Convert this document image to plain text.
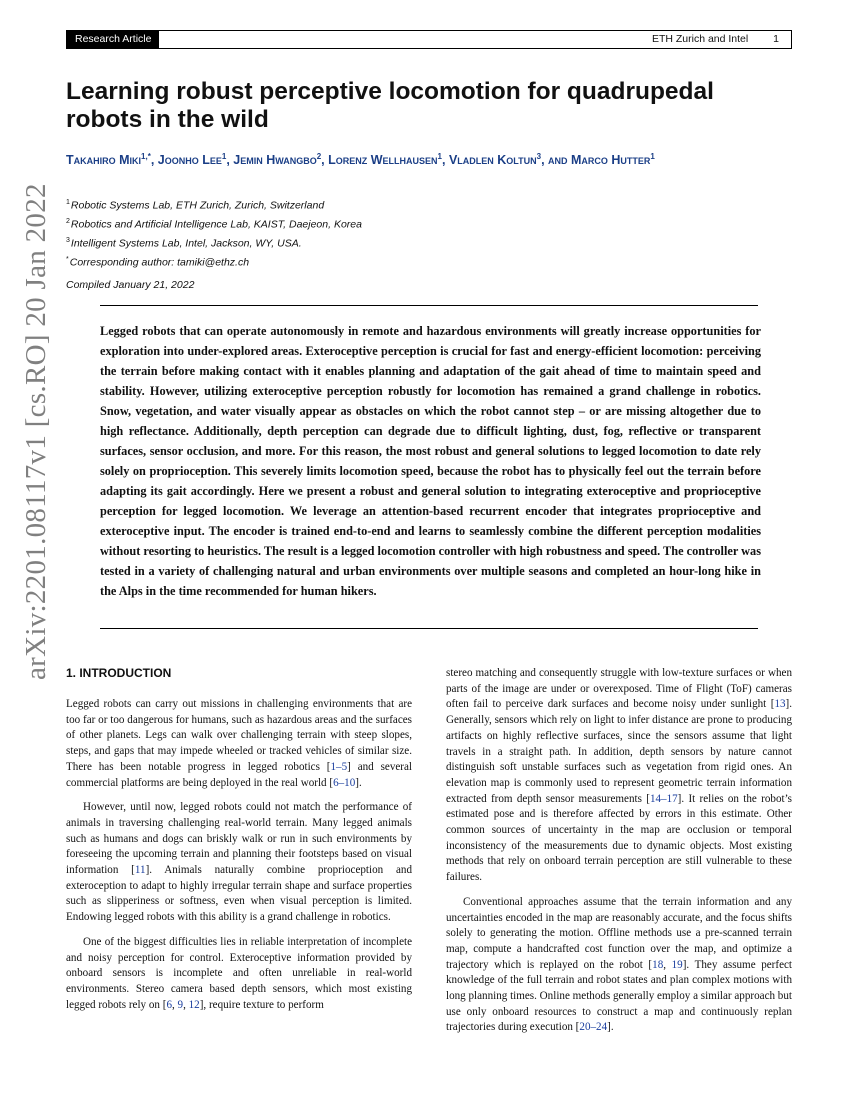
Research Article	ETH Zurich and Intel 1
arXiv:2201.08117v1 [cs.RO] 20 Jan 2022
Learning robust perceptive locomotion for quadrupedal robots in the wild
Takahiro Miki$^{1,*}$, Joonho Lee$^1$, Jemin Hwangbo$^2$, Lorenz Wellhausen$^1$, Vladlen Koltun$^3$, and Marco Hutter$^1$
$^1$Robotic Systems Lab, ETH Zurich, Zurich, Switzerland
$^2$Robotics and Artificial Intelligence Lab, KAIST, Daejeon, Korea
$^3$Intelligent Systems Lab, Intel, Jackson, WY, USA.
*Corresponding author: tamiki@ethz.ch
Compiled January 21, 2022
Legged robots that can operate autonomously in remote and hazardous environments will greatly increase opportunities for exploration into under-explored areas. Exteroceptive perception is crucial for fast and energy-efficient locomotion: perceiving the terrain before making contact with it enables planning and adaptation of the gait ahead of time to maintain speed and stability. However, utilizing exteroceptive perception robustly for locomotion has remained a grand challenge in robotics. Snow, vegetation, and water visually appear as obstacles on which the robot cannot step – or are missing altogether due to high reflectance. Additionally, depth perception can degrade due to difficult lighting, dust, fog, reflective or transparent surfaces, sensor occlusion, and more. For this reason, the most robust and general solutions to legged locomotion to date rely solely on proprioception. This severely limits locomotion speed, because the robot has to physically feel out the terrain before adapting its gait accordingly. Here we present a robust and general solution to integrating exteroceptive and proprioceptive perception for legged locomotion. We leverage an attention-based recurrent encoder that integrates proprioceptive and exteroceptive input. The encoder is trained end-to-end and learns to seamlessly combine the different perception modalities without resorting to heuristics. The result is a legged locomotion controller with high robustness and speed. The controller was tested in a variety of challenging natural and urban environments over multiple seasons and completed an hour-long hike in the Alps in the time recommended for human hikers.
1. INTRODUCTION

Legged robots can carry out missions in challenging environments that are too far or too dangerous for humans, such as hazardous areas and the surfaces of other planets. Legs can walk over challenging terrain with steep slopes, steps, and gaps that may impede wheeled or tracked vehicles of similar size. There has been notable progress in legged robotics [1–5] and several commercial platforms are being deployed in the real world [6–10].

However, until now, legged robots could not match the performance of animals in traversing challenging real-world terrain. Many legged animals such as humans and dogs can briskly walk or run in such environments by foreseeing the upcoming terrain and planning their footsteps based on visual information [11]. Animals naturally combine proprioception and exteroception to adapt to highly irregular terrain shape and surface properties such as slipperiness or softness, even when visual perception is limited. Endowing legged robots with this ability is a grand challenge in robotics.

One of the biggest difficulties lies in reliable interpretation of incomplete and noisy perception for control. Exteroceptive information provided by onboard sensors is incomplete and often unreliable in real-world environments. Stereo camera based depth sensors, which most existing legged robots rely on [6, 9, 12], require texture to perform

stereo matching and consequently struggle with low-texture surfaces or when parts of the image are under or overexposed. Time of Flight (ToF) cameras often fail to perceive dark surfaces and become noisy under sunlight [13]. Generally, sensors which rely on light to infer distance are prone to producing artifacts on highly reflective surfaces, since the sensors assume that light travels in a straight path. In addition, depth sensors by nature cannot distinguish soft unstable surfaces such as vegetation from rigid ones. An elevation map is commonly used to represent geometric terrain information extracted from depth sensor measurements [14–17]. It relies on the robot’s estimated pose and is therefore affected by errors in this estimate. Other common sources of uncertainty in the map are occlusion or temporal inconsistency of the measurements due to dynamic objects. Most existing methods that rely on onboard terrain perception are still vulnerable to these failures.

Conventional approaches assume that the terrain information and any uncertainties encoded in the map are reasonably accurate, and the focus shifts solely to generating the motion. Offline methods use a pre-scanned terrain map, compute a handcrafted cost function over the map, and optimize a trajectory which is replayed on the robot [18, 19]. They assume perfect knowledge of the full terrain and robot states and plan complex motions with long planning times. Online methods generally employ a similar approach but use only onboard resources to construct a map and continuously replan trajectories during execution [20–24].
